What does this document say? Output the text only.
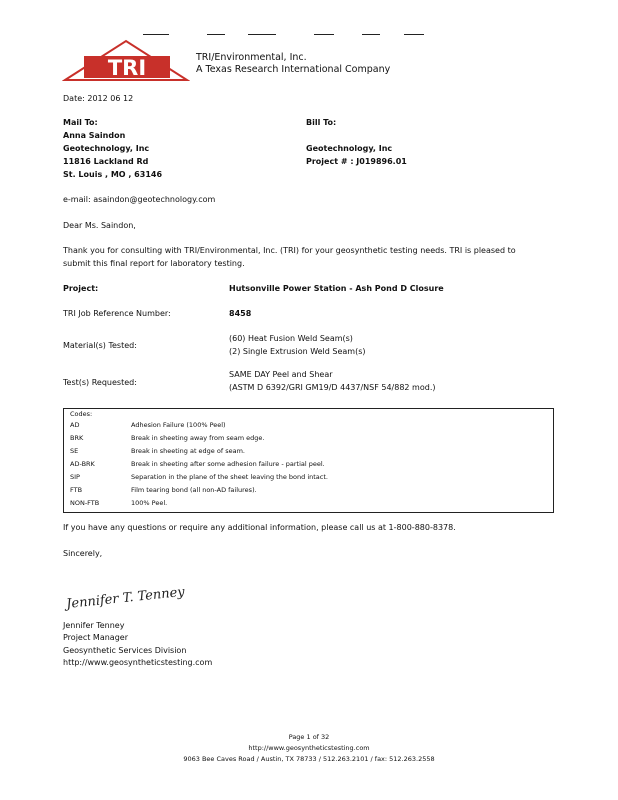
TRI	TRI/Environmental, Inc.
A Texas Research International Company
Date: 2012 06 12
Mail To:
Anna Saindon
Geotechnology, Inc
11816 Lackland Rd
St. Louis , MO , 63146
Bill To:
Geotechnology, Inc
Project # : J019896.01
e-mail: asaindon@geotechnology.com
Dear Ms. Saindon,
Thank you for consulting with TRI/Environmental, Inc. (TRI) for your geosynthetic testing needs. TRI is pleased to
submit this final report for laboratory testing.
Project:	Hutsonville Power Station - Ash Pond D Closure
TRI Job Reference Number:	8458
Material(s) Tested:
(60) Heat Fusion Weld Seam(s)
(2) Single Extrusion Weld Seam(s)
Test(s) Requested:
SAME DAY Peel and Shear
(ASTM D 6392/GRI GM19/D 4437/NSF 54/882 mod.)
Codes:
AD	Adhesion Failure (100% Peel)
BRK	Break in sheeting away from seam edge.
SE	Break in sheeting at edge of seam.
AD-BRK	Break in sheeting after some adhesion failure - partial peel.
SIP	Separation in the plane of the sheet leaving the bond intact.
FTB	Film tearing bond (all non-AD failures).
NON-FTB	100% Peel.
If you have any questions or require any additional information, please call us at 1-800-880-8378.
Sincerely,
Jennifer T. Tenney
Jennifer Tenney
Project Manager
Geosynthetic Services Division
http://www.geosyntheticstesting.com
Page 1 of 32
http://www.geosyntheticstesting.com
9063 Bee Caves Road / Austin, TX 78733 / 512.263.2101 / fax: 512.263.2558
